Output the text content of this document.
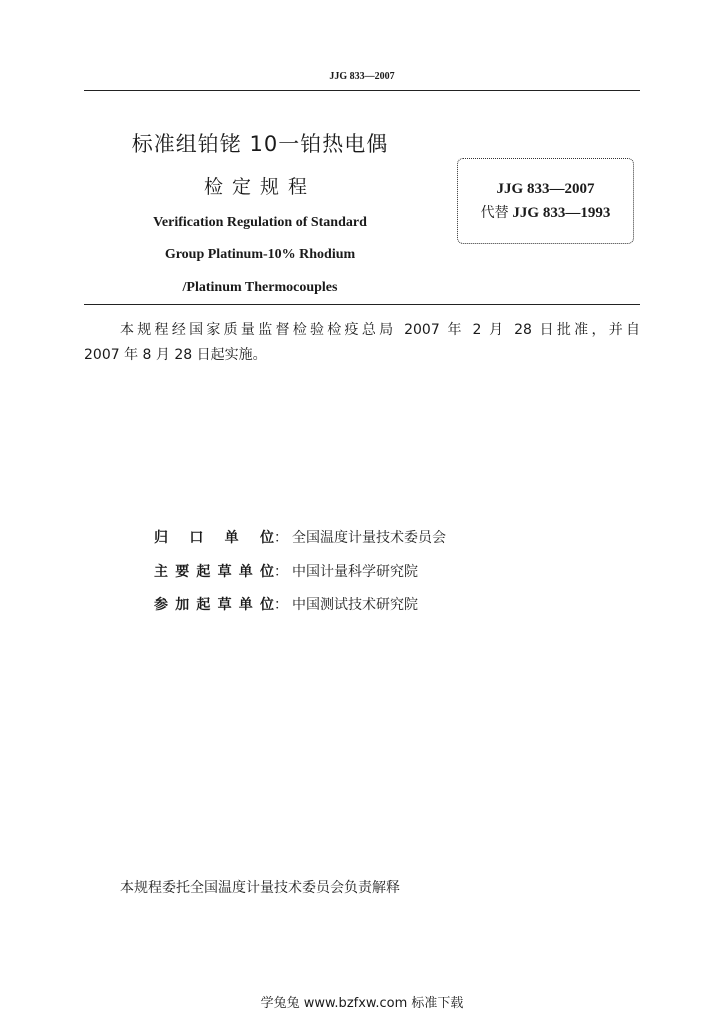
JJG 833—2007
标准组铂铑 10一铂热电偶
检定规程
Verification Regulation of Standard
Group Platinum-10% Rhodium
/Platinum Thermocouples
JJG 833—2007
代替 JJG 833—1993
本规程经国家质量监督检验检疫总局 2007 年 2 月 28 日批准，并自
2007 年 8 月 28 日起实施。
归 口 单 位： 全国温度计量技术委员会
主要起草单位： 中国计量科学研究院
参加起草单位： 中国测试技术研究院
本规程委托全国温度计量技术委员会负责解释
学兔兔 www.bzfxw.com 标准下载
